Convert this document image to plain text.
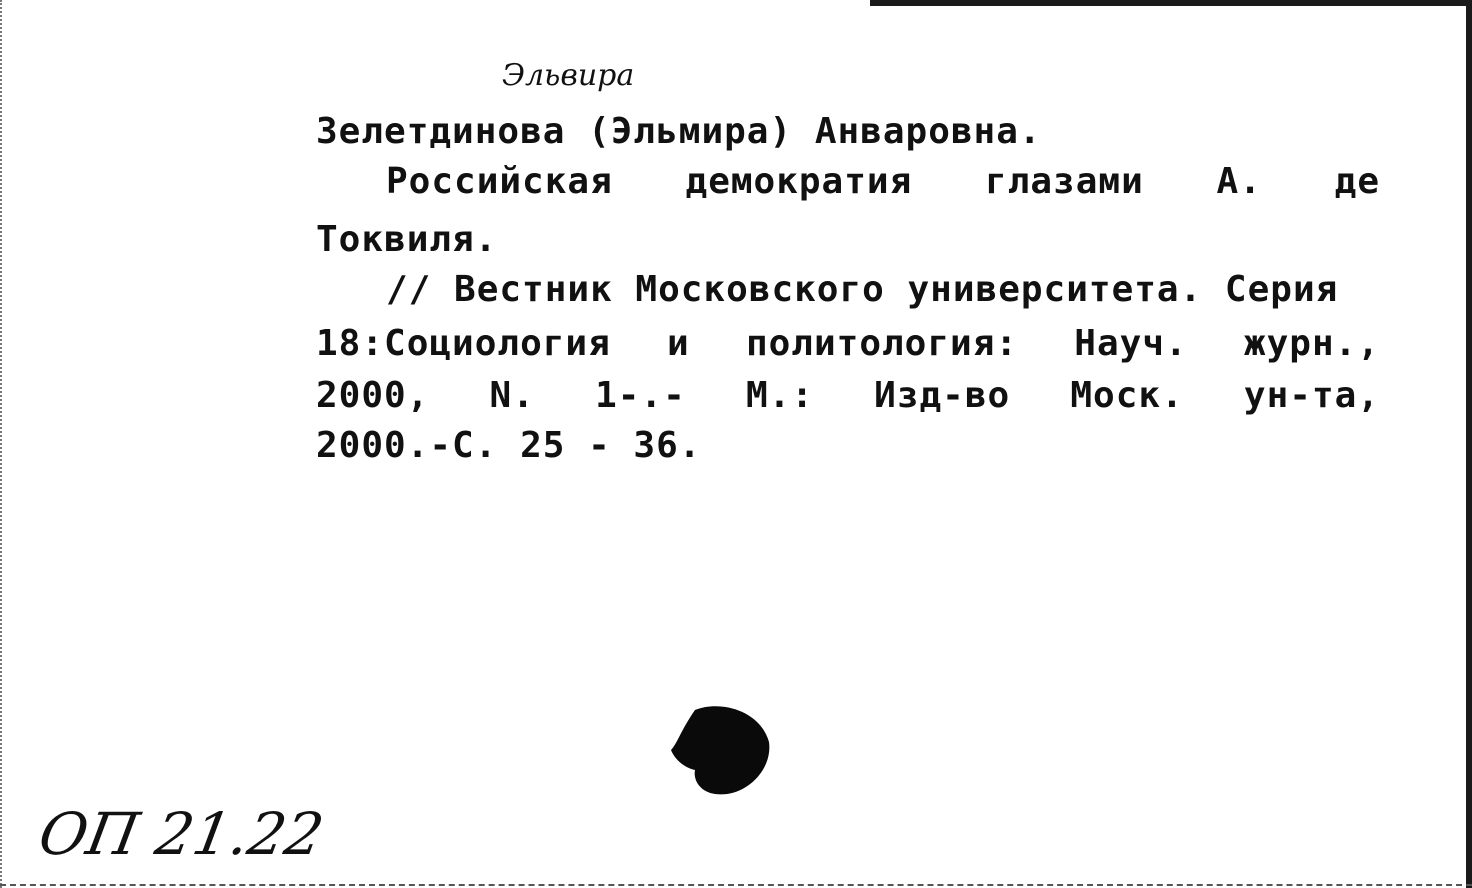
Эльвира
Зелетдинова (Эльмира) Анваровна.
Российская демократия глазами А. де
Токвиля.
// Вестник Московского университета. Серия
18:Социология и политология: Науч. журн.,
2000, N. 1-.- М.: Изд-во Моск. ун-та,
2000.-С. 25 - 36.
ОП 21.22
